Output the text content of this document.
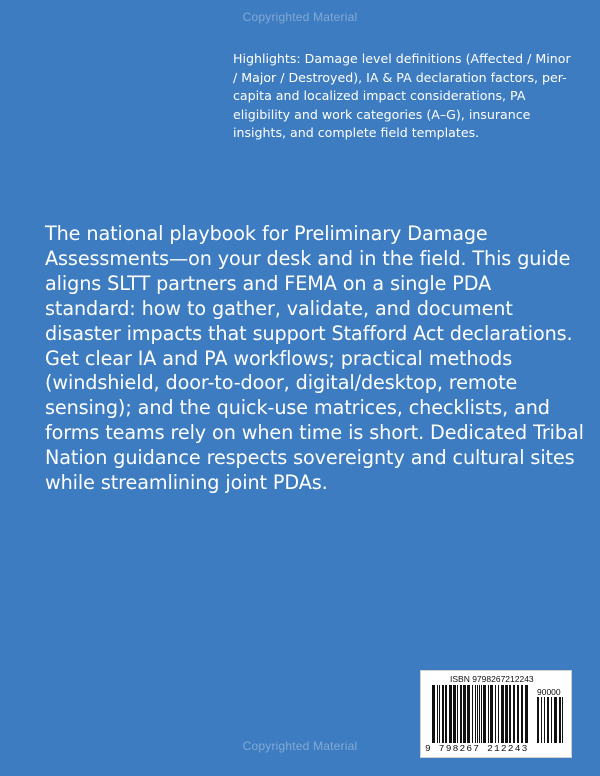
Copyrighted Material
Highlights: Damage level definitions (Affected / Minor / Major / Destroyed), IA & PA declaration factors, per-capita and localized impact considerations, PA eligibility and work categories (A–G), insurance insights, and complete field templates.
The national playbook for Preliminary Damage Assessments—on your desk and in the field. This guide aligns SLTT partners and FEMA on a single PDA standard: how to gather, validate, and document disaster impacts that support Stafford Act declarations. Get clear IA and PA workflows; practical methods (windshield, door-to-door, digital/desktop, remote sensing); and the quick-use matrices, checklists, and forms teams rely on when time is short. Dedicated Tribal Nation guidance respects sovereignty and cultural sites while streamlining joint PDAs.
ISBN 9798267212243
90000
9 798267 212243
Copyrighted Material
